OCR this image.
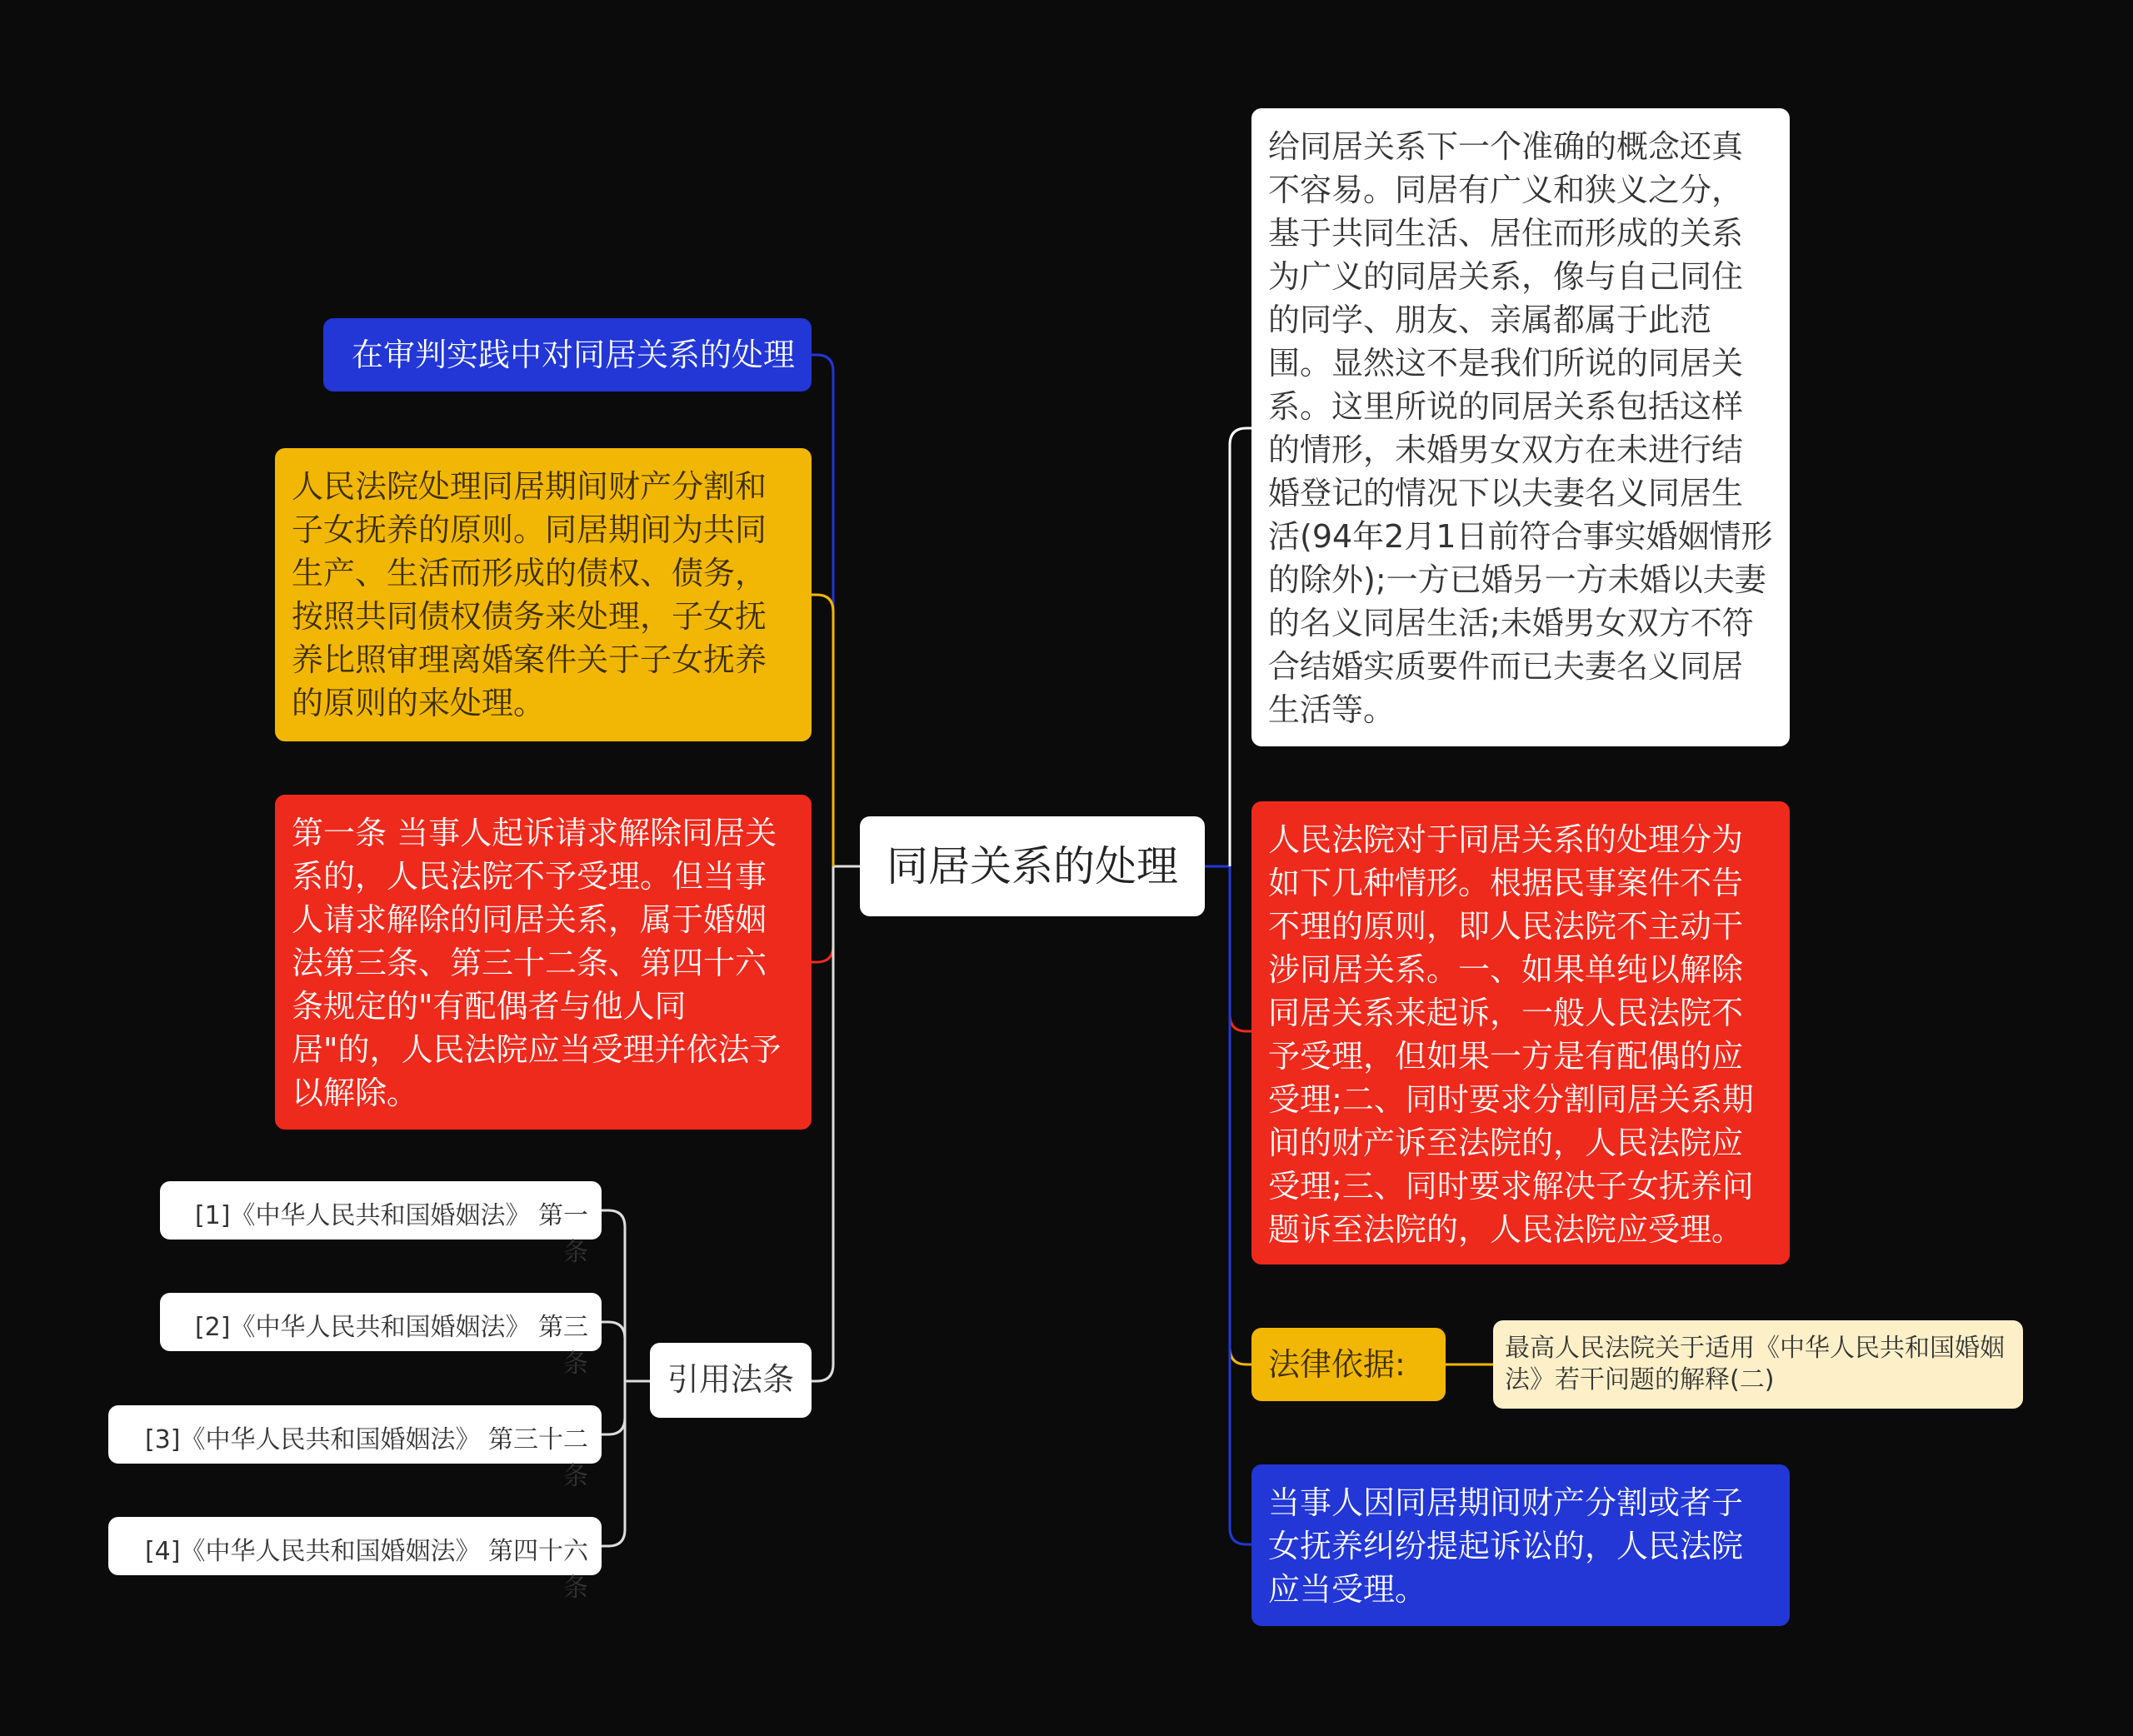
同居关系的处理
在审判实践中对同居关系的处理
人民法院处理同居期间财产分割和子女抚养的原则。同居期间为共同生产、生活而形成的债权、债务，按照共同债权债务来处理，子女抚养比照审理离婚案件关于子女抚养的原则的来处理。
第一条 当事人起诉请求解除同居关系的，人民法院不予受理。但当事人请求解除的同居关系，属于婚姻法第三条、第三十二条、第四十六条规定的"有配偶者与他人同居"的，人民法院应当受理并依法予以解除。
引用法条
[1]《中华人民共和国婚姻法》 第一条
[2]《中华人民共和国婚姻法》 第三条
[3]《中华人民共和国婚姻法》 第三十二条
[4]《中华人民共和国婚姻法》 第四十六条
给同居关系下一个准确的概念还真不容易。同居有广义和狭义之分，基于共同生活、居住而形成的关系为广义的同居关系，像与自己同住的同学、朋友、亲属都属于此范围。显然这不是我们所说的同居关系。这里所说的同居关系包括这样的情形，未婚男女双方在未进行结婚登记的情况下以夫妻名义同居生活(94年2月1日前符合事实婚姻情形的除外);一方已婚另一方未婚以夫妻的名义同居生活;未婚男女双方不符合结婚实质要件而已夫妻名义同居生活等。
人民法院对于同居关系的处理分为如下几种情形。根据民事案件不告不理的原则，即人民法院不主动干涉同居关系。一、如果单纯以解除同居关系来起诉，一般人民法院不予受理，但如果一方是有配偶的应受理;二、同时要求分割同居关系期间的财产诉至法院的，人民法院应受理;三、同时要求解决子女抚养问题诉至法院的，人民法院应受理。
法律依据:	最高人民法院关于适用《中华人民共和国婚姻法》若干问题的解释(二)
当事人因同居期间财产分割或者子女抚养纠纷提起诉讼的，人民法院应当受理。
